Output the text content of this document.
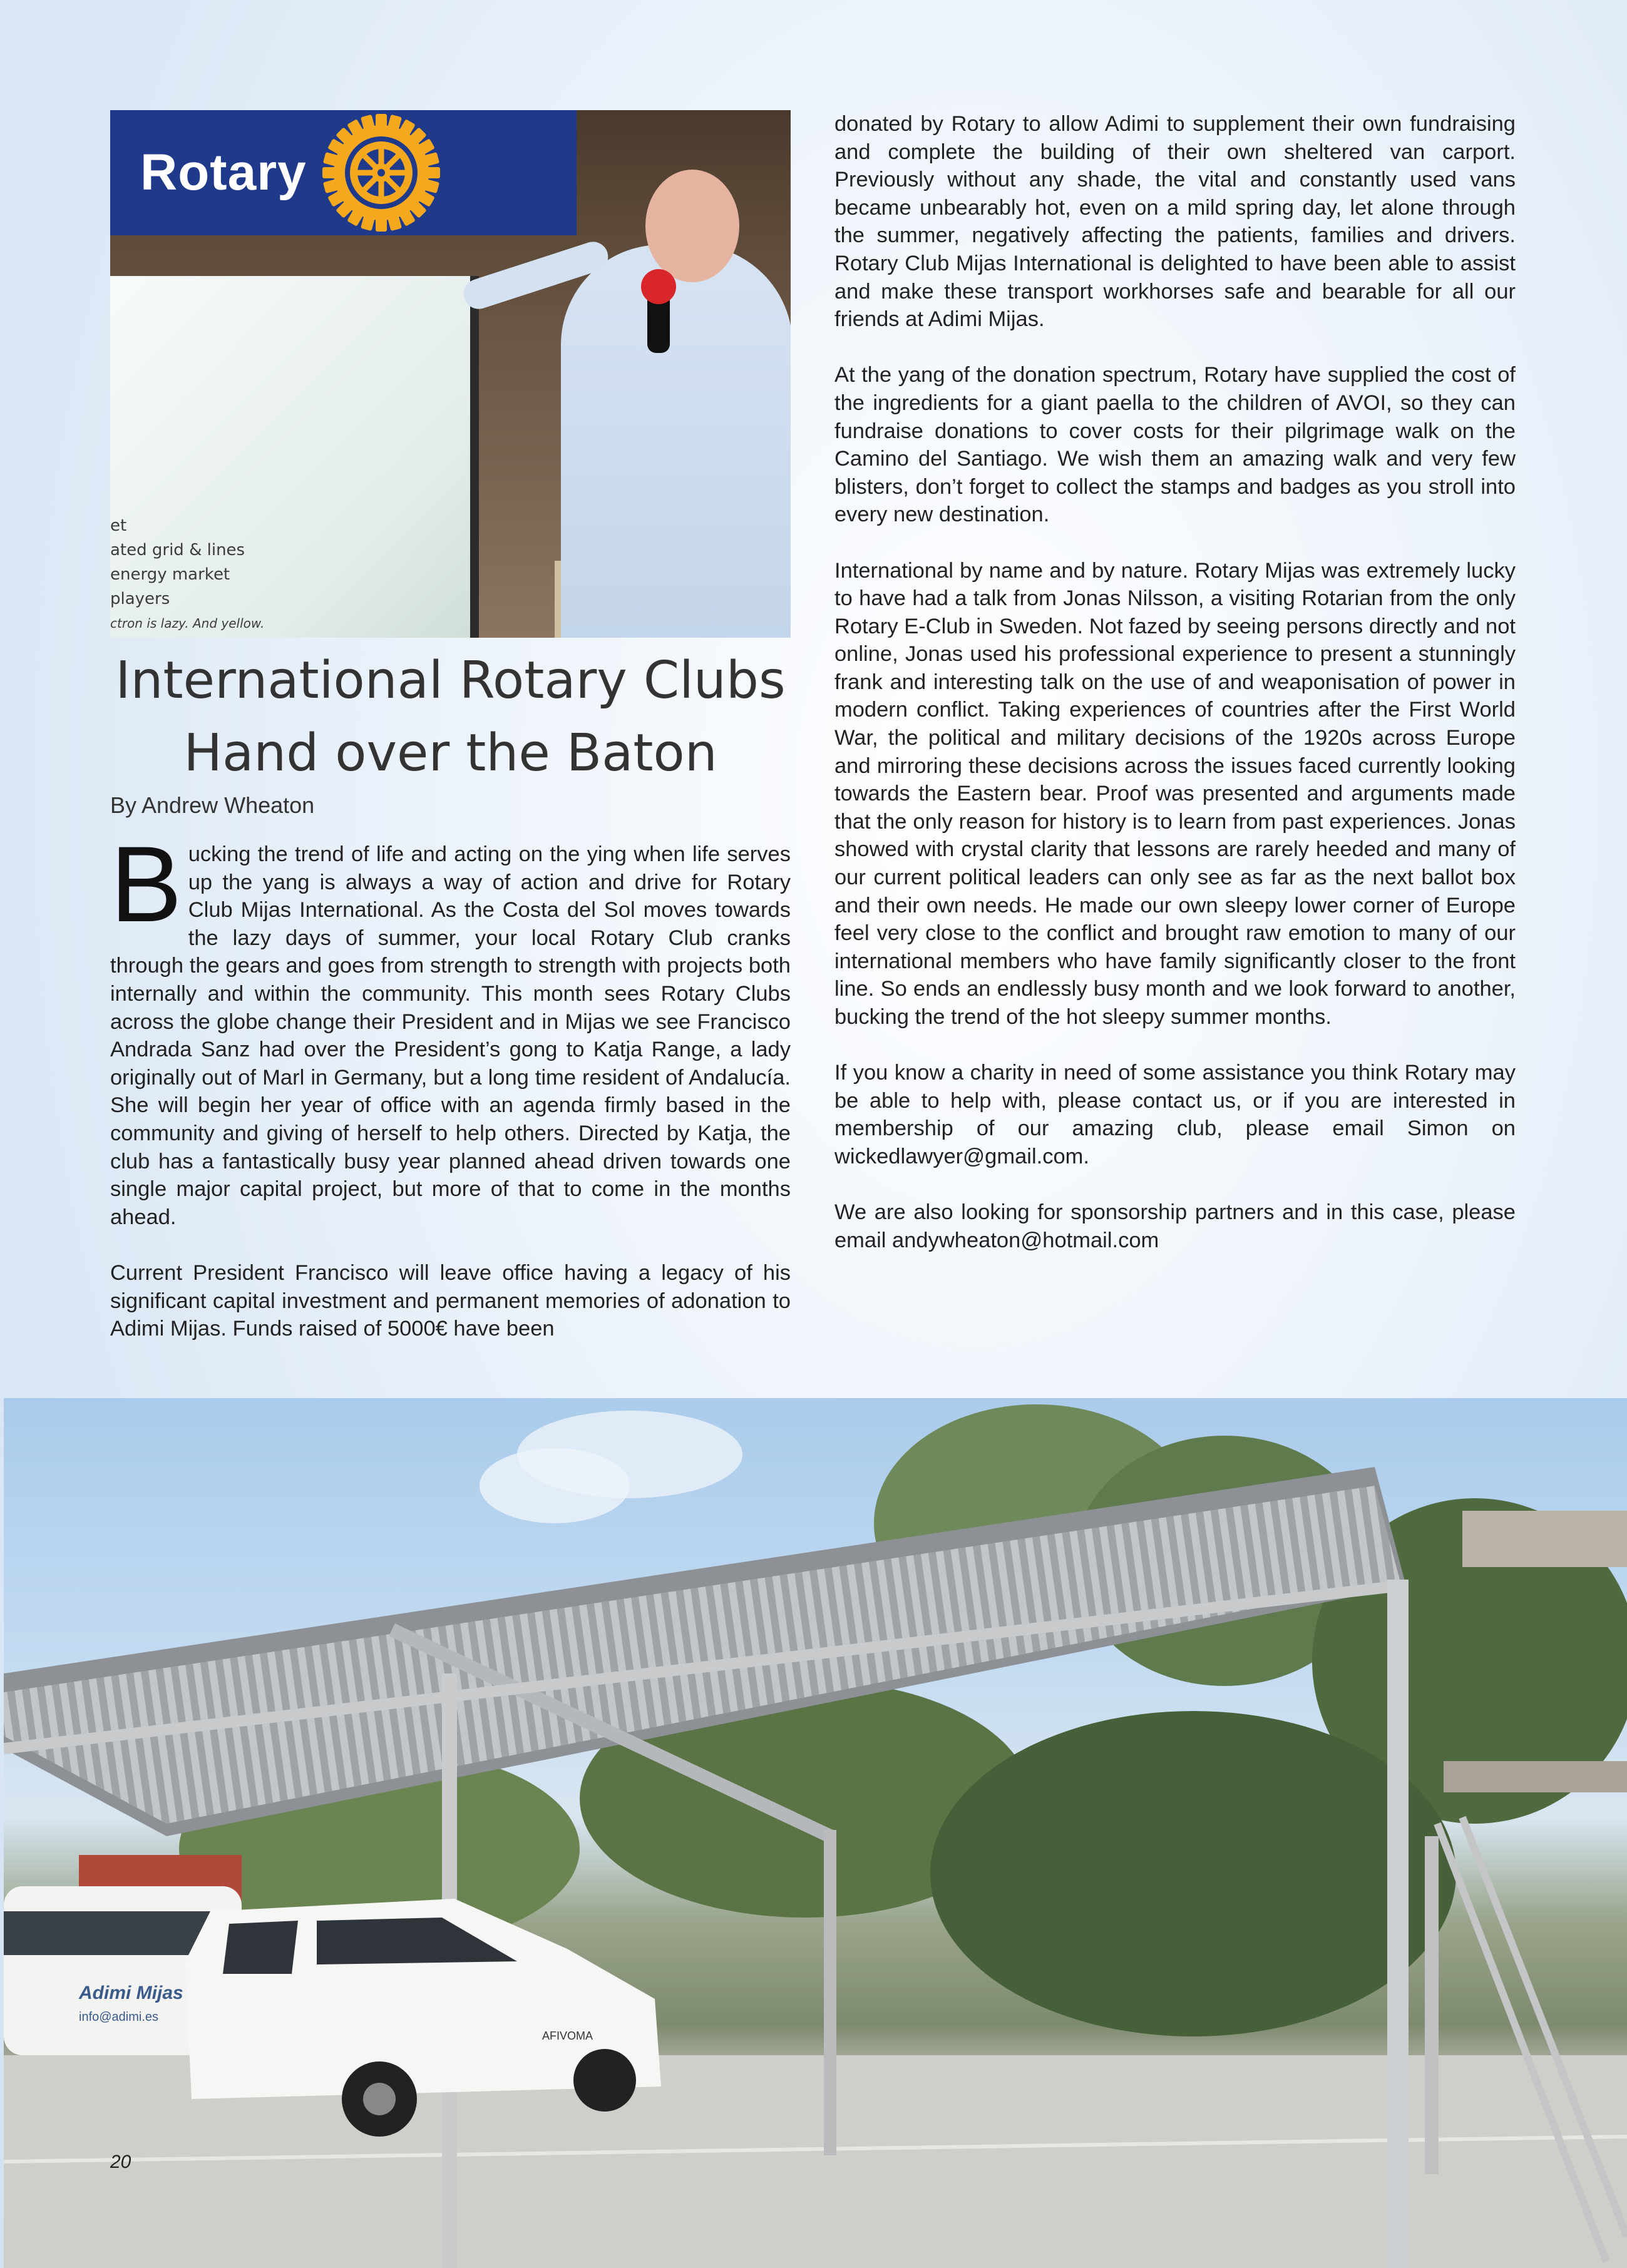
et
ated grid & lines
energy market
players
ctron is lazy. And yellow.
Rotary
International Rotary Clubs
Hand over the Baton
By Andrew Wheaton

Bucking the trend of life and acting on the ying when life serves up the yang is always a way of action and drive for Rotary Club Mijas International. As the Costa del Sol moves towards the lazy days of summer, your local Rotary Club cranks through the gears and goes from strength to strength with projects both internally and within the community. This month sees Rotary Clubs across the globe change their President and in Mijas we see Francisco Andrada Sanz had over the President’s gong to Katja Range, a lady originally out of Marl in Germany, but a long time resident of Andalucía. She will begin her year of office with an agenda firmly based in the community and giving of herself to help others. Directed by Katja, the club has a fantastically busy year planned ahead driven towards one single major capital project, but more of that to come in the months ahead.

Current President Francisco will leave office having a legacy of his significant capital investment and permanent memories of adonation to Adimi Mijas. Funds raised of 5000€ have been

donated by Rotary to allow Adimi to supplement their own fundraising and complete the building of their own sheltered van carport. Previously without any shade, the vital and constantly used vans became unbearably hot, even on a mild spring day, let alone through the summer, negatively affecting the patients, families and drivers. Rotary Club Mijas International is delighted to have been able to assist and make these transport workhorses safe and bearable for all our friends at Adimi Mijas.

At the yang of the donation spectrum, Rotary have supplied the cost of the ingredients for a giant paella to the children of AVOI, so they can fundraise donations to cover costs for their pilgrimage walk on the Camino del Santiago. We wish them an amazing walk and very few blisters, don’t forget to collect the stamps and badges as you stroll into every new destination.

International by name and by nature. Rotary Mijas was extremely lucky to have had a talk from Jonas Nilsson, a visiting Rotarian from the only Rotary E-Club in Sweden. Not fazed by seeing persons directly and not online, Jonas used his professional experience to present a stunningly frank and interesting talk on the use of and weaponisation of power in modern conflict. Taking experiences of countries after the First World War, the political and military decisions of the 1920s across Europe and mirroring these decisions across the issues faced currently looking towards the Eastern bear. Proof was presented and arguments made that the only reason for history is to learn from past experiences. Jonas showed with crystal clarity that lessons are rarely heeded and many of our current political leaders can only see as far as the next ballot box and their own needs. He made our own sleepy lower corner of Europe feel very close to the conflict and brought raw emotion to many of our international members who have family significantly closer to the front line. So ends an endlessly busy month and we look forward to another, bucking the trend of the hot sleepy summer months.

If you know a charity in need of some assistance you think Rotary may be able to help with, please contact us, or if you are interested in membership of our amazing club, please email Simon on wickedlawyer@gmail.com.

We are also looking for sponsorship partners and in this case, please email andywheaton@hotmail.com

Adimi Mijas
info@adimi.es
AFIVOMA
20
